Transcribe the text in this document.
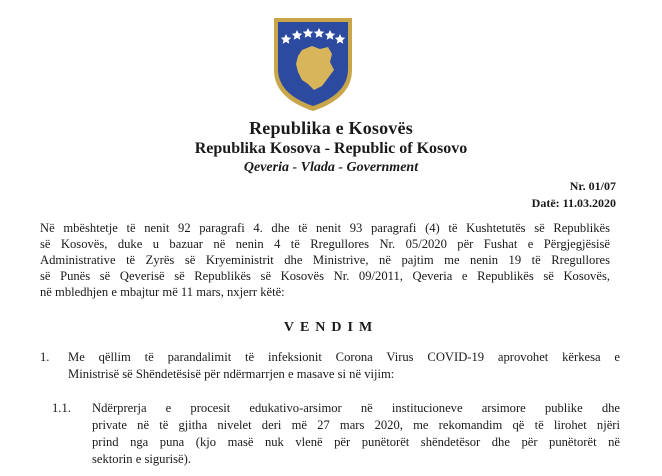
Republika e Kosovës
Republika Kosova - Republic of Kosovo
Qeveria - Vlada - Government
Nr. 01/07
Datë: 11.03.2020
Në mbështetje të nenit 92 paragrafi 4. dhe të nenit 93 paragrafi (4) të Kushtetutës së Republikës
së Kosovës, duke u bazuar në nenin 4 të Rregullores Nr. 05/2020 për Fushat e Përgjegjësisë
Administrative të Zyrës së Kryeministrit dhe Ministrive, në pajtim me nenin 19 të Rregullores
së Punës së Qeverisë së Republikës së Kosovës Nr. 09/2011, Qeveria e Republikës së Kosovës,
në mbledhjen e mbajtur më 11 mars, nxjerr këtë:
VENDIM
1. Me qëllim të parandalimit të infeksionit Corona Virus COVID-19 aprovohet kërkesa e
Ministrisë së Shëndetësisë për ndërmarrjen e masave si në vijim:
1.1. Ndërprerja e procesit edukativo-arsimor në institucioneve arsimore publike dhe
private në të gjitha nivelet deri më 27 mars 2020, me rekomandim që të lirohet njëri
prind nga puna (kjo masë nuk vlenë për punëtorët shëndetësor dhe për punëtorët në
sektorin e sigurisë).
